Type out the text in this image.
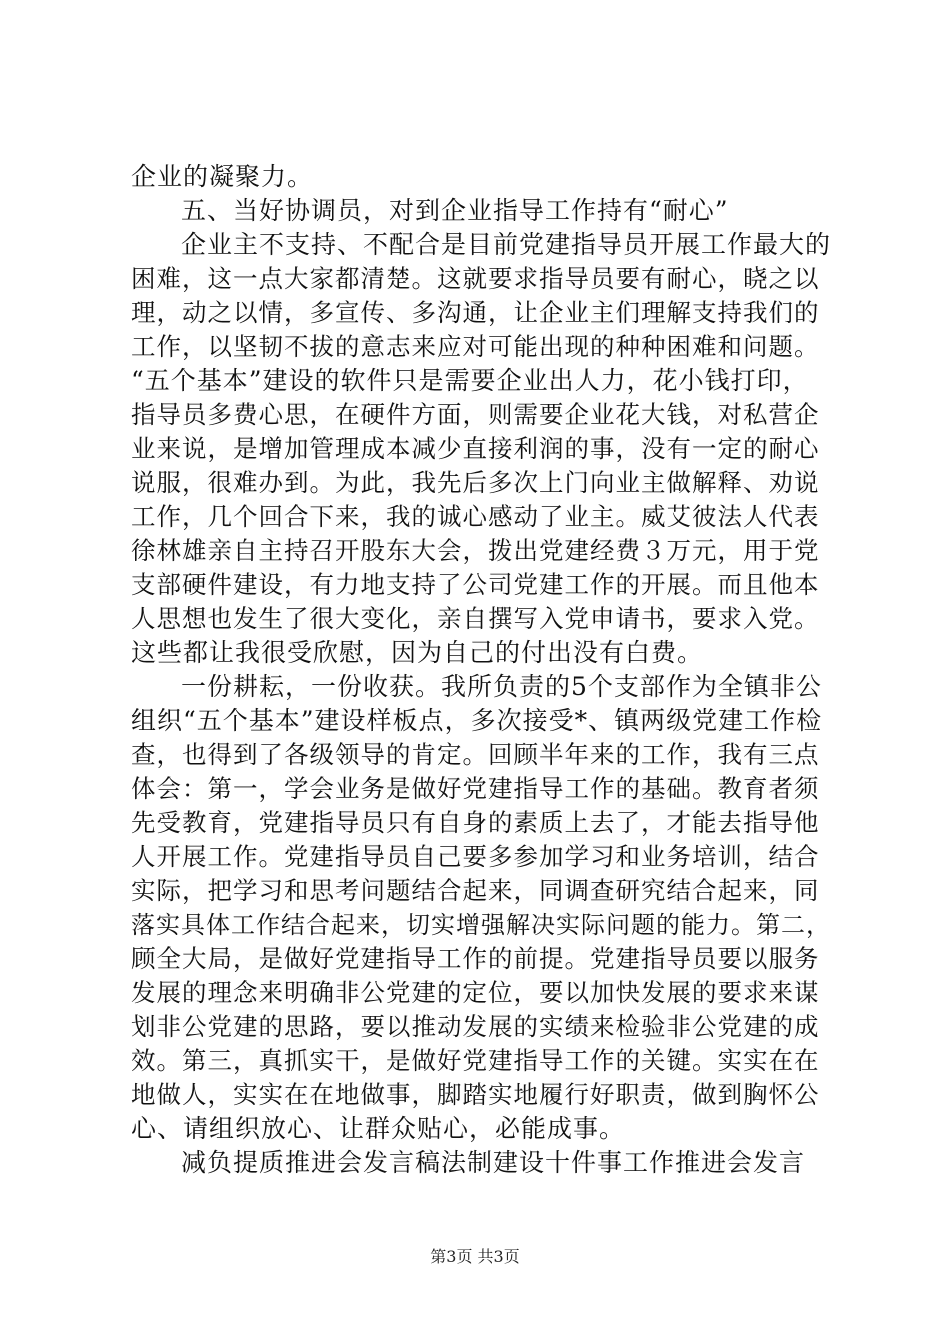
企业的凝聚力。
五、当好协调员，对到企业指导工作持有“耐心”
企业主不支持、不配合是目前党建指导员开展工作最大的
困难，这一点大家都清楚。这就要求指导员要有耐心，晓之以
理，动之以情，多宣传、多沟通，让企业主们理解支持我们的
工作，以坚韧不拔的意志来应对可能出现的种种困难和问题。
“五个基本”建设的软件只是需要企业出人力，花小钱打印，
指导员多费心思，在硬件方面，则需要企业花大钱，对私营企
业来说，是增加管理成本减少直接利润的事，没有一定的耐心
说服，很难办到。为此，我先后多次上门向业主做解释、劝说
工作，几个回合下来，我的诚心感动了业主。威艾彼法人代表
徐林雄亲自主持召开股东大会，拨出党建经费３万元，用于党
支部硬件建设，有力地支持了公司党建工作的开展。而且他本
人思想也发生了很大变化，亲自撰写入党申请书，要求入党。
这些都让我很受欣慰，因为自己的付出没有白费。
一份耕耘，一份收获。我所负责的5个支部作为全镇非公
组织“五个基本”建设样板点，多次接受*、镇两级党建工作检
查，也得到了各级领导的肯定。回顾半年来的工作，我有三点
体会：第一，学会业务是做好党建指导工作的基础。教育者须
先受教育，党建指导员只有自身的素质上去了，才能去指导他
人开展工作。党建指导员自己要多参加学习和业务培训，结合
实际，把学习和思考问题结合起来，同调查研究结合起来，同
落实具体工作结合起来，切实增强解决实际问题的能力。第二，
顾全大局，是做好党建指导工作的前提。党建指导员要以服务
发展的理念来明确非公党建的定位，要以加快发展的要求来谋
划非公党建的思路，要以推动发展的实绩来检验非公党建的成
效。第三，真抓实干，是做好党建指导工作的关键。实实在在
地做人，实实在在地做事，脚踏实地履行好职责，做到胸怀公
心、请组织放心、让群众贴心，必能成事。
减负提质推进会发言稿法制建设十件事工作推进会发言
第3页 共3页
